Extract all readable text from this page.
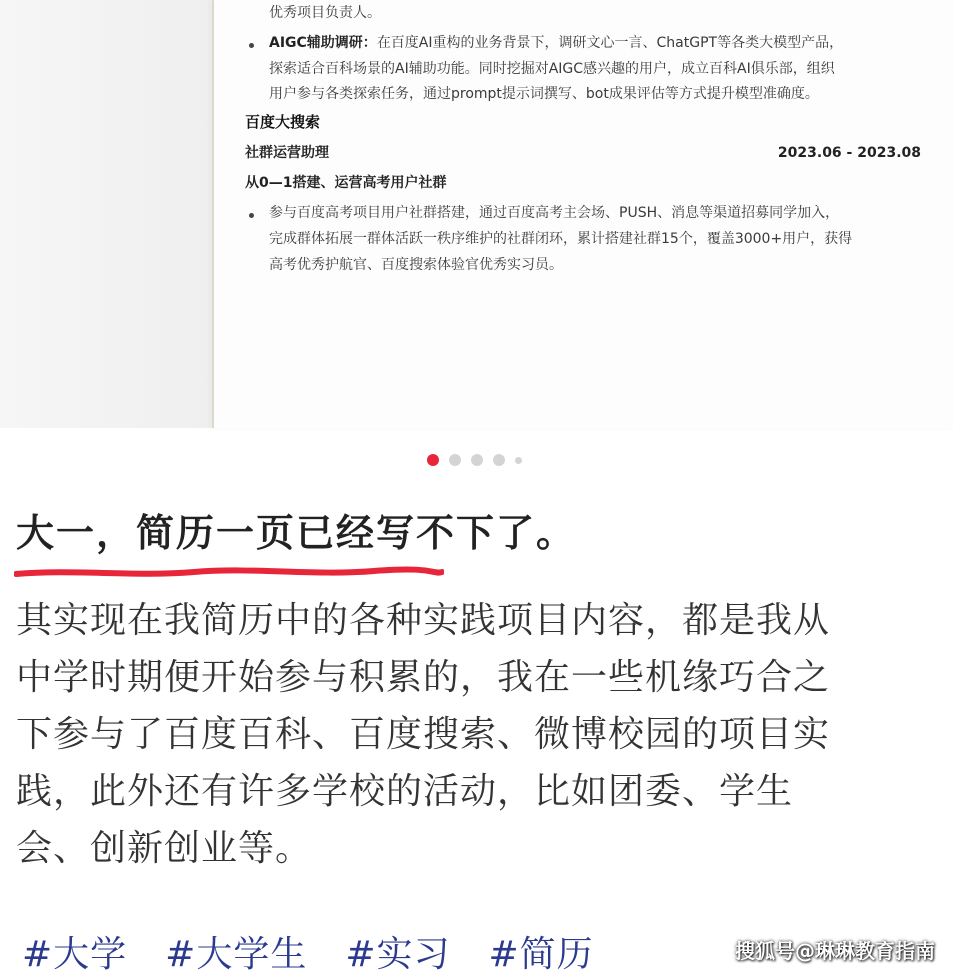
优秀项目负责人。
AIGC辅助调研：在百度AI重构的业务背景下，调研文心一言、ChatGPT等各类大模型产品，
探索适合百科场景的AI辅助功能。同时挖掘对AIGC感兴趣的用户，成立百科AI俱乐部，组织
用户参与各类探索任务，通过prompt提示词撰写、bot成果评估等方式提升模型准确度。
百度大搜索
社群运营助理	2023.06 - 2023.08
从0—1搭建、运营高考用户社群
参与百度高考项目用户社群搭建，通过百度高考主会场、PUSH、消息等渠道招募同学加入，
完成群体拓展一群体活跃一秩序维护的社群闭环，累计搭建社群15个，覆盖3000+用户，获得
高考优秀护航官、百度搜索体验官优秀实习员。
大一，简历一页已经写不下了。
其实现在我简历中的各种实践项目内容，都是我从
中学时期便开始参与积累的，我在一些机缘巧合之
下参与了百度百科、百度搜索、微博校园的项目实
践，此外还有许多学校的活动，比如团委、学生
会、创新创业等。
#大学 #大学生 #实习 #简历	搜狐号@琳琳教育指南
